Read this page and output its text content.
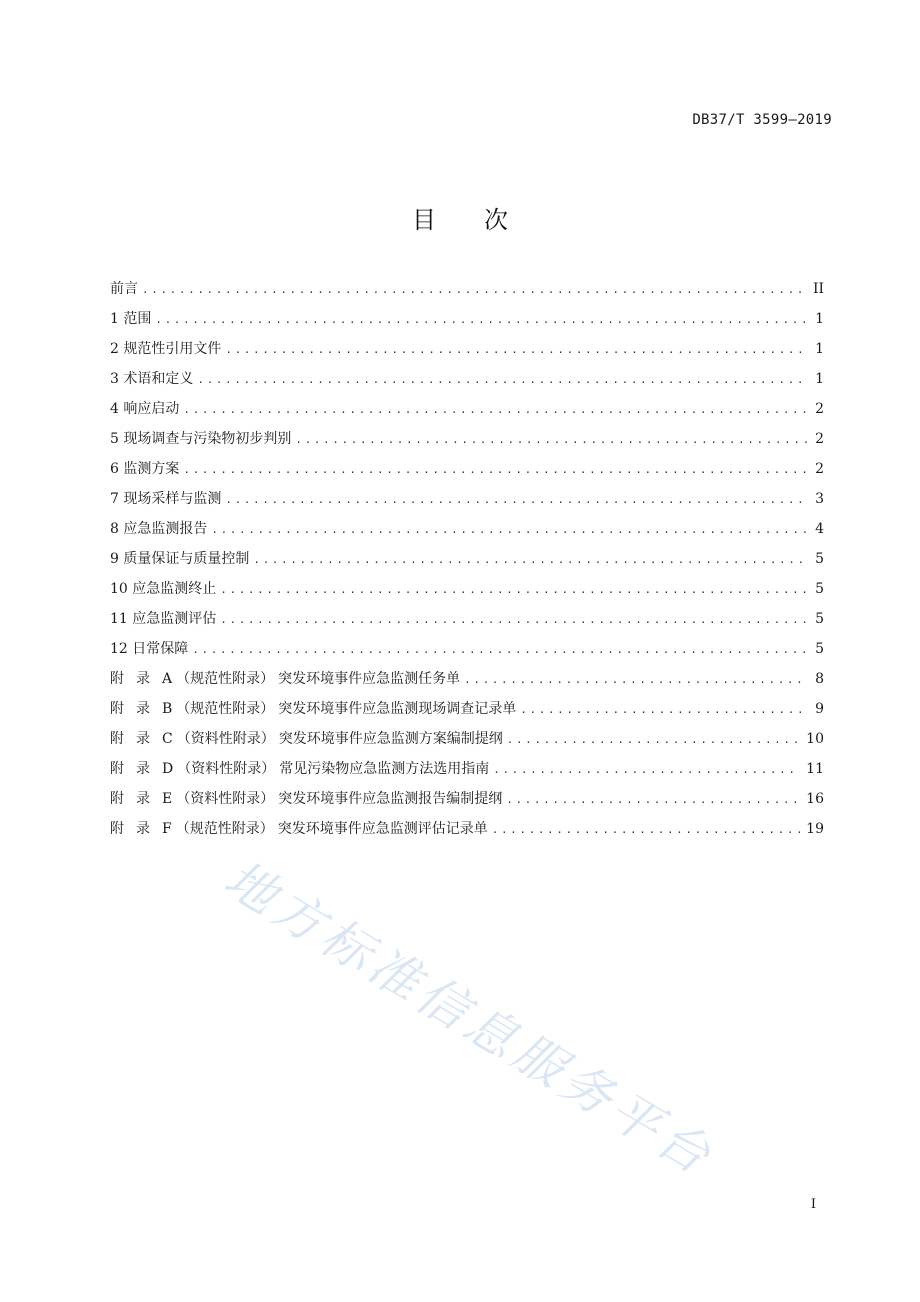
DB37/T 3599—2019
目 次
前言 .....	II
1 范围 .....	1
2 规范性引用文件 .....	1
3 术语和定义 .....	1
4 响应启动 .....	2
5 现场调查与污染物初步判别 .....	2
6 监测方案 .....	2
7 现场采样与监测 .....	3
8 应急监测报告 .....	4
9 质量保证与质量控制 .....	5
10 应急监测终止 .....	5
11 应急监测评估 .....	5
12 日常保障 .....	5
附 录 A （规范性附录） 突发环境事件应急监测任务单 .....	8
附 录 B （规范性附录） 突发环境事件应急监测现场调查记录单 .....	9
附 录 C （资料性附录） 突发环境事件应急监测方案编制提纲 .....	10
附 录 D （资料性附录） 常见污染物应急监测方法选用指南 .....	11
附 录 E （资料性附录） 突发环境事件应急监测报告编制提纲 .....	16
附 录 F （规范性附录） 突发环境事件应急监测评估记录单 .....	19
地方标准信息服务平台
I
